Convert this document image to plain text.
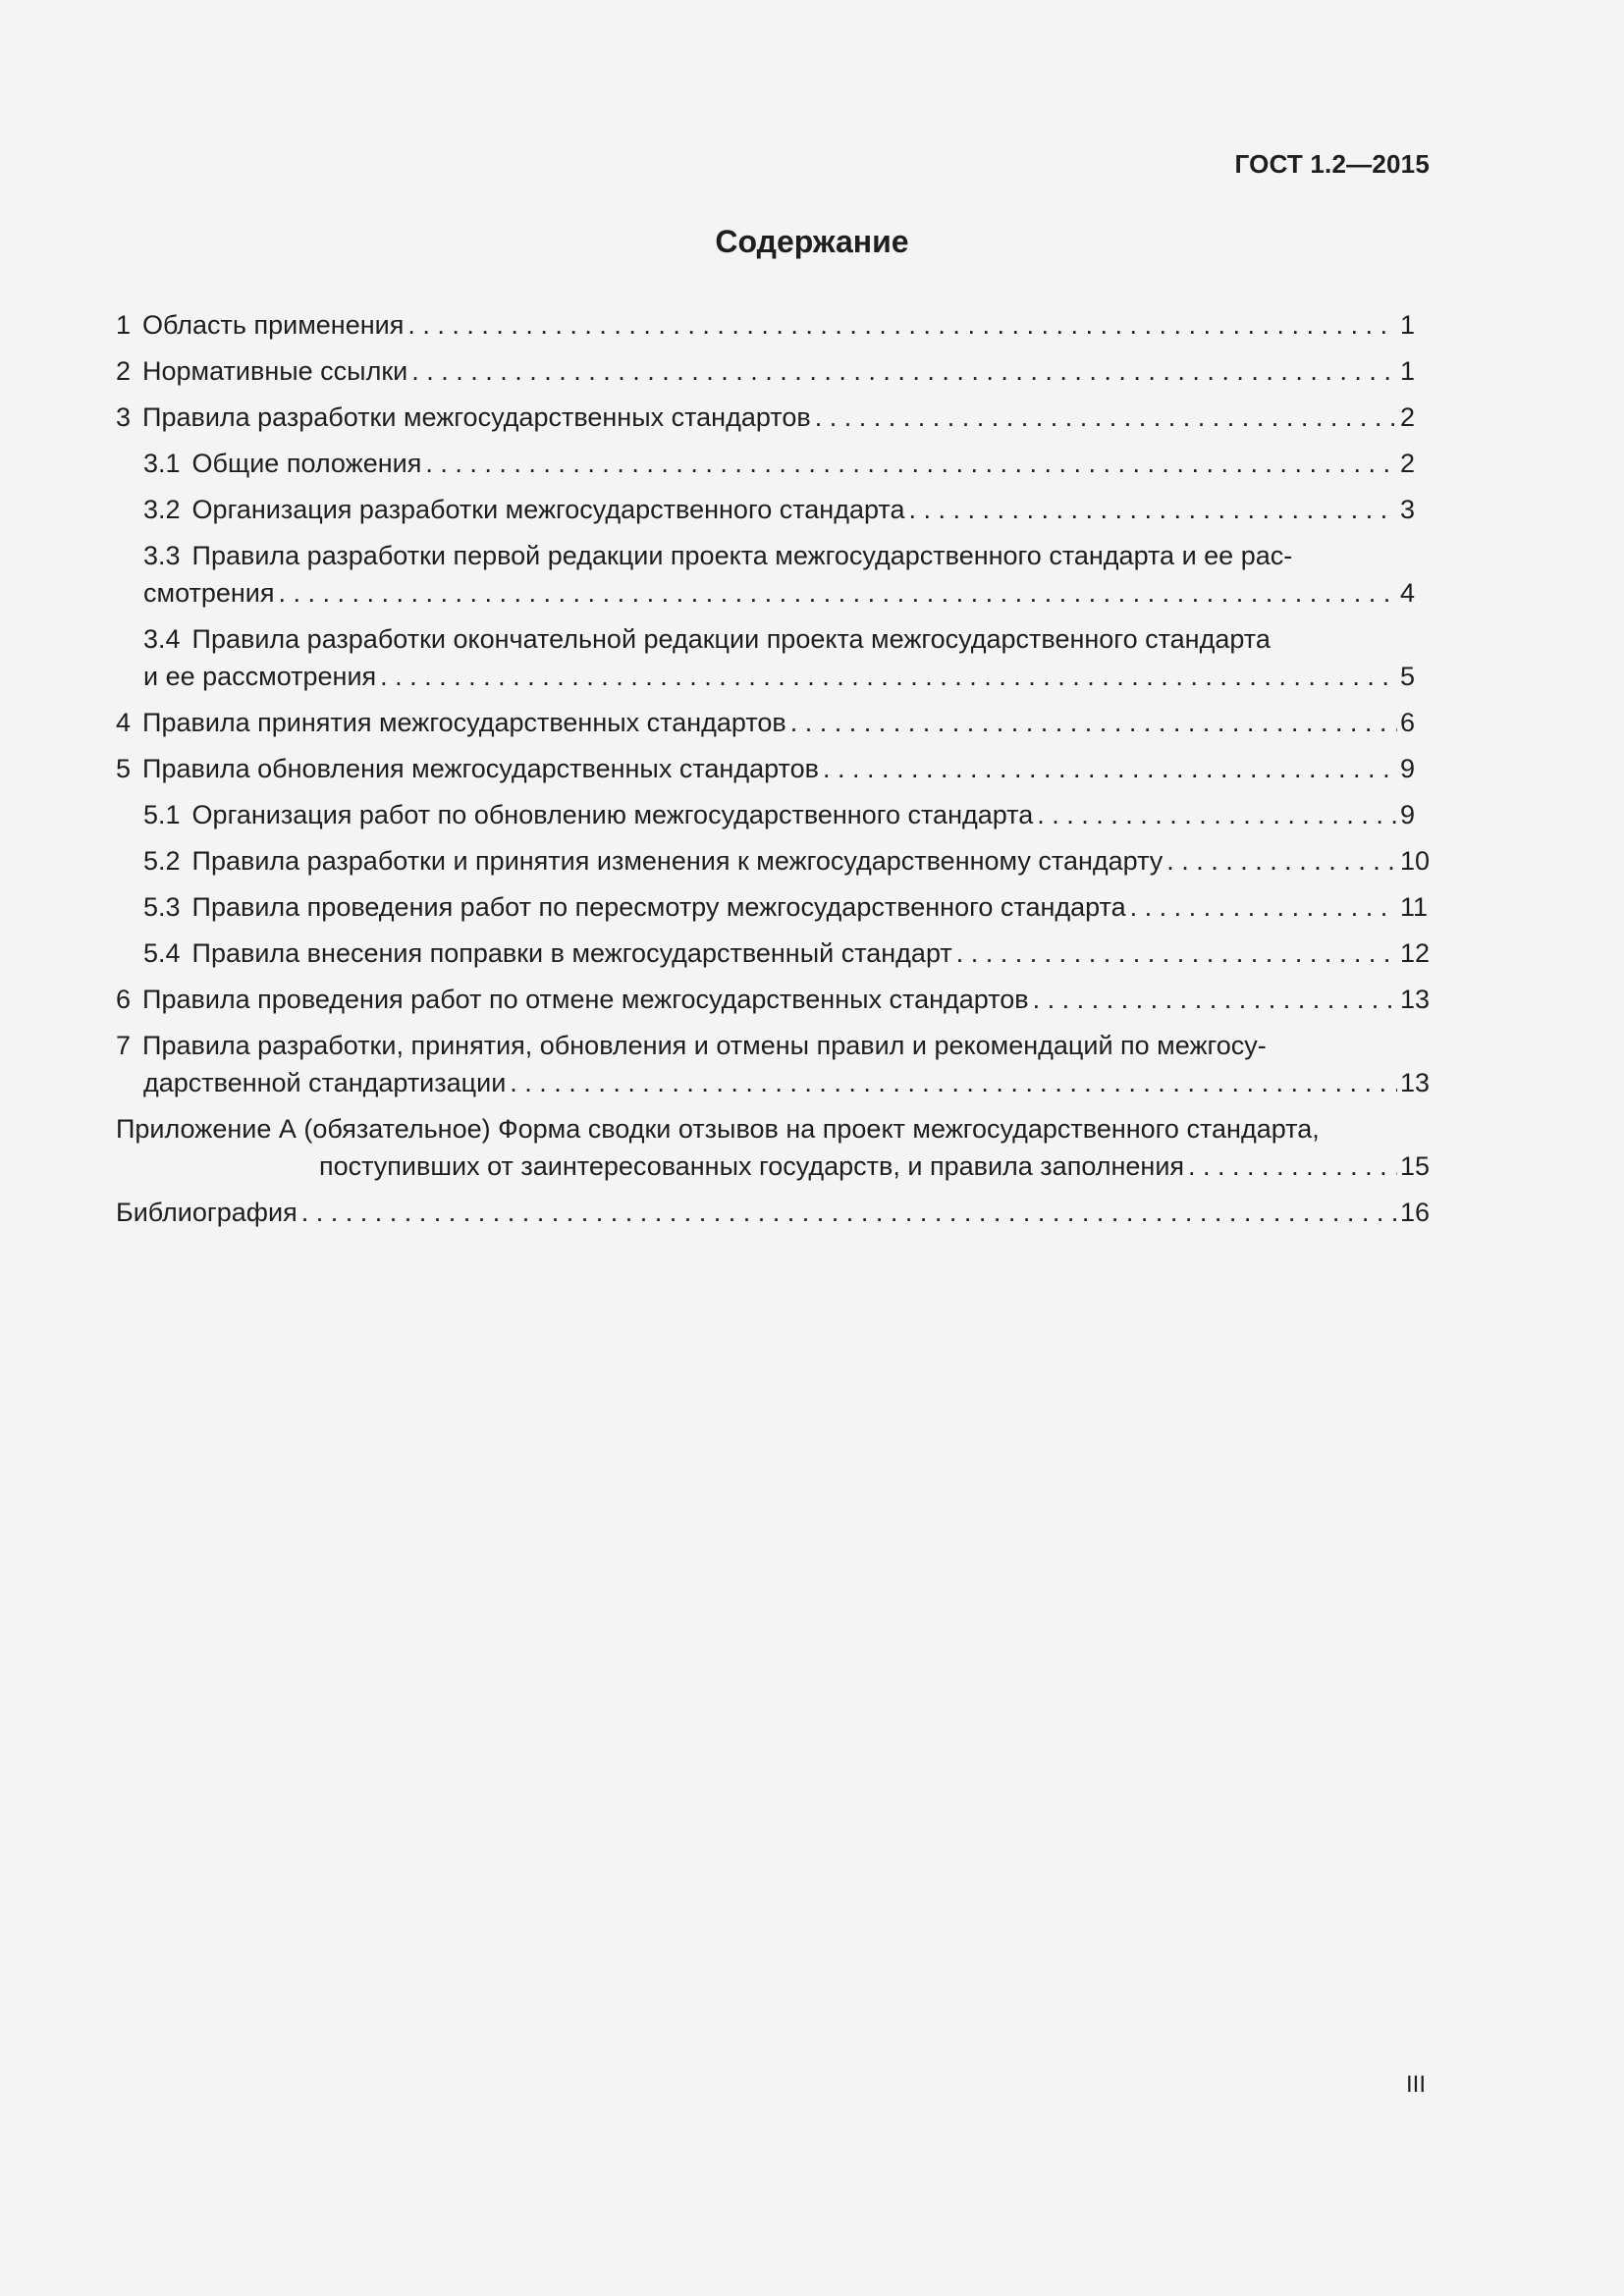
ГОСТ 1.2—2015
Содержание
1 Область применения . . .	1
2 Нормативные ссылки . . .	1
3 Правила разработки межгосударственных стандартов . . .	2
3.1 Общие положения . . .	2
3.2 Организация разработки межгосударственного стандарта . . .	3
3.3 Правила разработки первой редакции проекта межгосударственного стандарта и ее рас-
смотрения . . .	4
3.4 Правила разработки окончательной редакции проекта межгосударственного стандарта
и ее рассмотрения . . .	5
4 Правила принятия межгосударственных стандартов . . .	6
5 Правила обновления межгосударственных стандартов . . .	9
5.1 Организация работ по обновлению межгосударственного стандарта . . .	9
5.2 Правила разработки и принятия изменения к межгосударственному стандарту . . .	10
5.3 Правила проведения работ по пересмотру межгосударственного стандарта . . .	11
5.4 Правила внесения поправки в межгосударственный стандарт . . .	12
6 Правила проведения работ по отмене межгосударственных стандартов . . .	13
7 Правила разработки, принятия, обновления и отмены правил и рекомендаций по межгосу-
дарственной стандартизации . . .	13
Приложение А (обязательное) Форма сводки отзывов на проект межгосударственного стандарта,
поступивших от заинтересованных государств, и правила заполнения . . .	15
Библиография . . .	16
III
